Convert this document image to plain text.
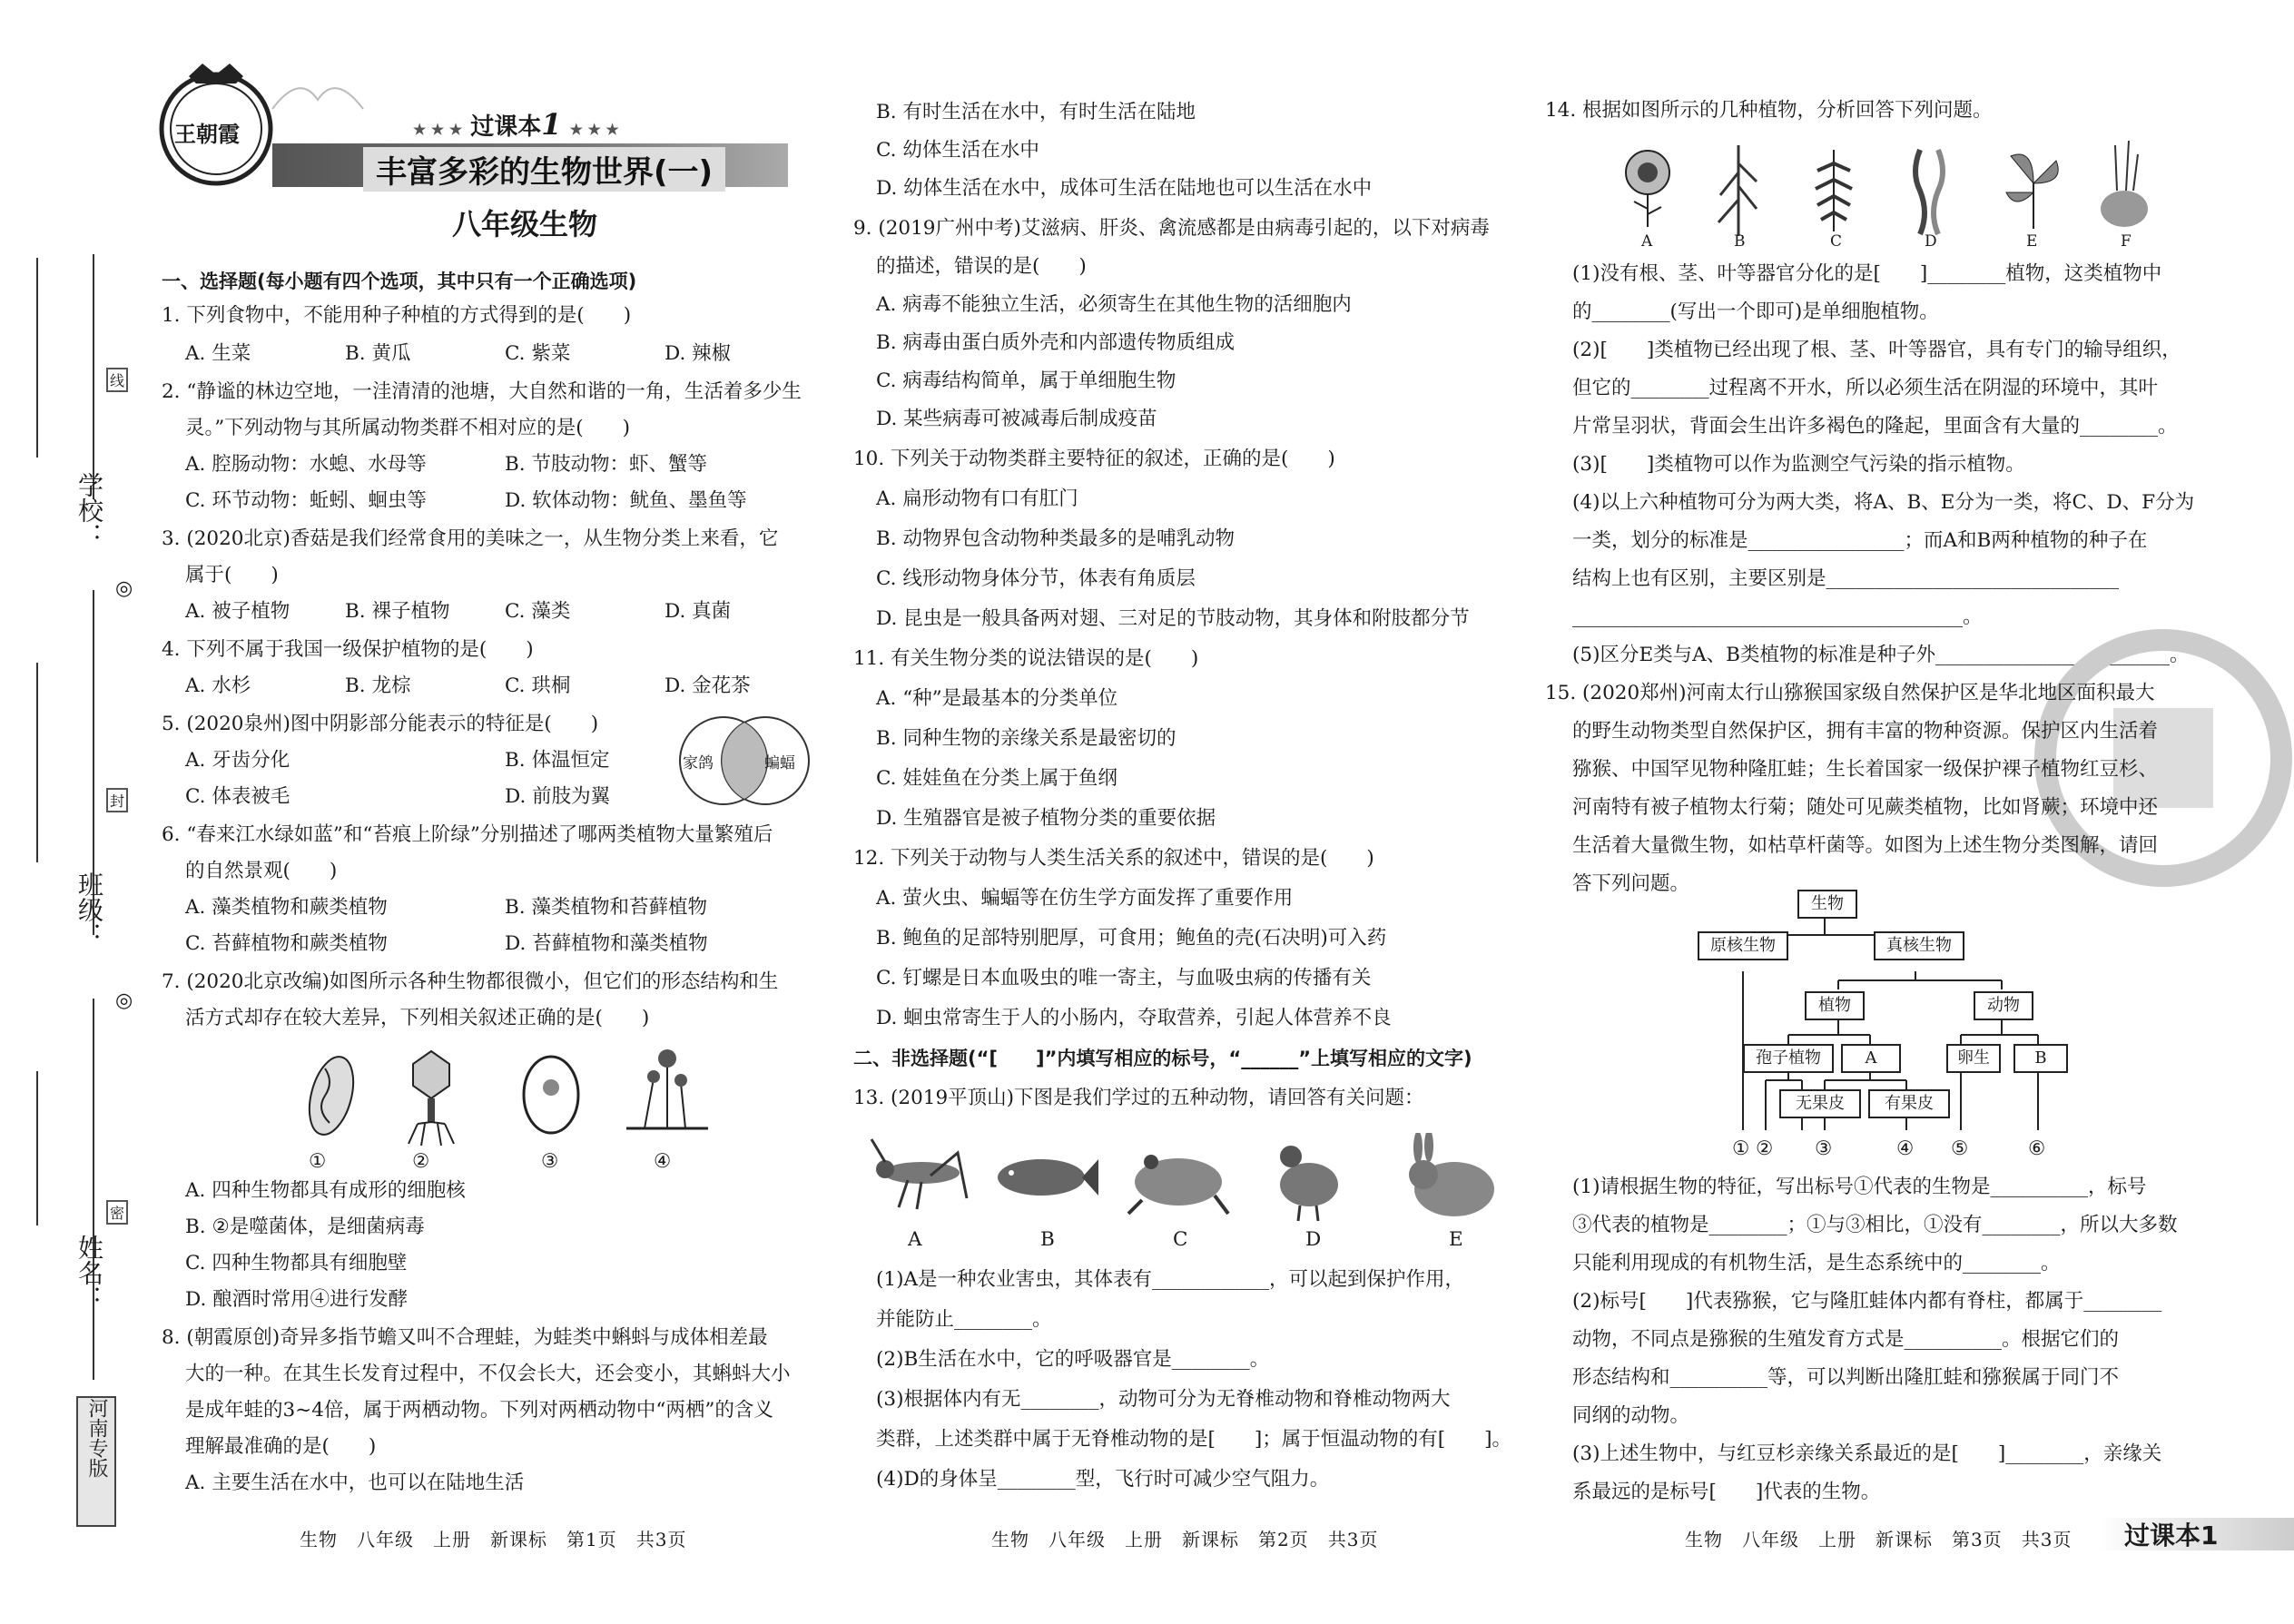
学校：
班级：
姓名：
线
封
密
◎
◎
河南专版
王朝霞	★ ★ ★ 过课本1 ★ ★ ★
丰富多彩的生物世界(一)
八年级生物
一、选择题(每小题有四个选项，其中只有一个正确选项)
1. 下列食物中，不能用种子种植的方式得到的是(　　)
A. 生菜	B. 黄瓜	C. 紫菜	D. 辣椒
2. “静谧的林边空地，一洼清清的池塘，大自然和谐的一角，生活着多少生
灵。”下列动物与其所属动物类群不相对应的是(　　)
A. 腔肠动物：水螅、水母等	B. 节肢动物：虾、蟹等
C. 环节动物：蚯蚓、蛔虫等	D. 软体动物：鱿鱼、墨鱼等
3. (2020北京)香菇是我们经常食用的美味之一，从生物分类上来看，它
属于(　　)
A. 被子植物	B. 裸子植物	C. 藻类	D. 真菌
4. 下列不属于我国一级保护植物的是(　　)
A. 水杉	B. 龙棕	C. 珙桐	D. 金花茶
5. (2020泉州)图中阴影部分能表示的特征是(　　)
A. 牙齿分化	B. 体温恒定
C. 体表被毛	D. 前肢为翼
家鸽	蝙蝠
6. “春来江水绿如蓝”和“苔痕上阶绿”分别描述了哪两类植物大量繁殖后
的自然景观(　　)
A. 藻类植物和蕨类植物	B. 藻类植物和苔藓植物
C. 苔藓植物和蕨类植物	D. 苔藓植物和藻类植物
7. (2020北京改编)如图所示各种生物都很微小，但它们的形态结构和生
活方式却存在较大差异，下列相关叙述正确的是(　　)
①	②	③	④
A. 四种生物都具有成形的细胞核
B. ②是噬菌体，是细菌病毒
C. 四种生物都具有细胞壁
D. 酿酒时常用④进行发酵
8. (朝霞原创)奇异多指节蟾又叫不合理蛙，为蛙类中蝌蚪与成体相差最
大的一种。在其生长发育过程中，不仅会长大，还会变小，其蝌蚪大小
是成年蛙的3~4倍，属于两栖动物。下列对两栖动物中“两栖”的含义
理解最准确的是(　　)
A. 主要生活在水中，也可以在陆地生活
生物　八年级　上册　新课标　第1页　共3页
B. 有时生活在水中，有时生活在陆地
C. 幼体生活在水中
D. 幼体生活在水中，成体可生活在陆地也可以生活在水中
9. (2019广州中考)艾滋病、肝炎、禽流感都是由病毒引起的，以下对病毒
的描述，错误的是(　　)
A. 病毒不能独立生活，必须寄生在其他生物的活细胞内
B. 病毒由蛋白质外壳和内部遗传物质组成
C. 病毒结构简单，属于单细胞生物
D. 某些病毒可被减毒后制成疫苗
10. 下列关于动物类群主要特征的叙述，正确的是(　　)
A. 扁形动物有口有肛门
B. 动物界包含动物种类最多的是哺乳动物
C. 线形动物身体分节，体表有角质层
D. 昆虫是一般具备两对翅、三对足的节肢动物，其身体和附肢都分节
11. 有关生物分类的说法错误的是(　　)
A. “种”是最基本的分类单位
B. 同种生物的亲缘关系是最密切的
C. 娃娃鱼在分类上属于鱼纲
D. 生殖器官是被子植物分类的重要依据
12. 下列关于动物与人类生活关系的叙述中，错误的是(　　)
A. 萤火虫、蝙蝠等在仿生学方面发挥了重要作用
B. 鲍鱼的足部特别肥厚，可食用；鲍鱼的壳(石决明)可入药
C. 钉螺是日本血吸虫的唯一寄主，与血吸虫病的传播有关
D. 蛔虫常寄生于人的小肠内，夺取营养，引起人体营养不良
二、非选择题(“[　　]”内填写相应的标号，“______”上填写相应的文字)
13. (2019平顶山)下图是我们学过的五种动物，请回答有关问题：
A	B	C	D	E
(1)A是一种农业害虫，其体表有____________，可以起到保护作用，
并能防止________。
(2)B生活在水中，它的呼吸器官是________。
(3)根据体内有无________，动物可分为无脊椎动物和脊椎动物两大
类群，上述类群中属于无脊椎动物的是[　　]；属于恒温动物的有[　　]。
(4)D的身体呈________型，飞行时可减少空气阻力。
生物　八年级　上册　新课标　第2页　共3页
14. 根据如图所示的几种植物，分析回答下列问题。
A	B	C	D	E	F
(1)没有根、茎、叶等器官分化的是[　　]________植物，这类植物中
的________(写出一个即可)是单细胞植物。
(2)[　　]类植物已经出现了根、茎、叶等器官，具有专门的输导组织，
但它的________过程离不开水，所以必须生活在阴湿的环境中，其叶
片常呈羽状，背面会生出许多褐色的隆起，里面含有大量的________。
(3)[　　]类植物可以作为监测空气污染的指示植物。
(4)以上六种植物可分为两大类，将A、B、E分为一类，将C、D、F分为
一类，划分的标准是________________；而A和B两种植物的种子在
结构上也有区别，主要区别是______________________________
________________________________________。
(5)区分E类与A、B类植物的标准是种子外________________________。
15. (2020郑州)河南太行山猕猴国家级自然保护区是华北地区面积最大
的野生动物类型自然保护区，拥有丰富的物种资源。保护区内生活着
猕猴、中国罕见物种隆肛蛙；生长着国家一级保护裸子植物红豆杉、
河南特有被子植物太行菊；随处可见蕨类植物，比如肾蕨；环境中还
生活着大量微生物，如枯草杆菌等。如图为上述生物分类图解，请回
答下列问题。
生物
原核生物	真核生物
植物	动物
孢子植物	A	卵生	B
无果皮	有果皮
① ② ③	④ ⑤	⑥
(1)请根据生物的特征，写出标号①代表的生物是__________，标号
③代表的植物是________；①与③相比，①没有________，所以大多数
只能利用现成的有机物生活，是生态系统中的________。
(2)标号[　　]代表猕猴，它与隆肛蛙体内都有脊柱，都属于________
动物，不同点是猕猴的生殖发育方式是__________。根据它们的
形态结构和__________等，可以判断出隆肛蛙和猕猴属于同门不
同纲的动物。
(3)上述生物中，与红豆杉亲缘关系最近的是[　　]________，亲缘关
系最远的是标号[　　]代表的生物。
生物　八年级　上册　新课标　第3页　共3页 过课本1
